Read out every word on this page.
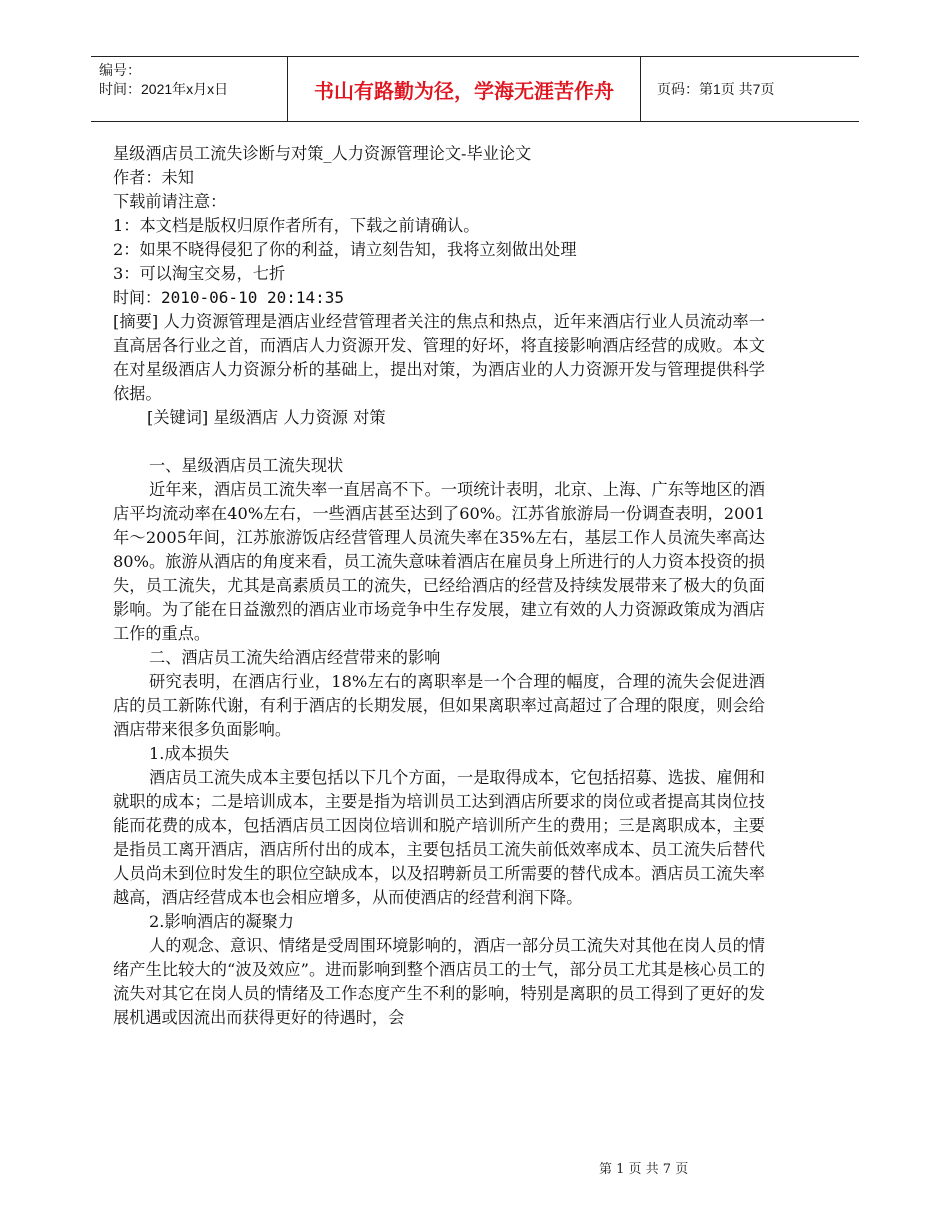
编号：
时间：2021年x月x日	书山有路勤为径，学海无涯苦作舟	页码：第1页 共7页

星级酒店员工流失诊断与对策_人力资源管理论文-毕业论文

作者：未知

下载前请注意：

1：本文档是版权归原作者所有，下载之前请确认。

2：如果不晓得侵犯了你的利益，请立刻告知，我将立刻做出处理

3：可以淘宝交易，七折

时间：2010-06-10 20:14:35

[摘要] 人力资源管理是酒店业经营管理者关注的焦点和热点，近年来酒店行业人员流动率一直高居各行业之首，而酒店人力资源开发、管理的好坏，将直接影响酒店经营的成败。本文在对星级酒店人力资源分析的基础上，提出对策，为酒店业的人力资源开发与管理提供科学依据。

[关键词] 星级酒店 人力资源 对策

一、星级酒店员工流失现状

近年来，酒店员工流失率一直居高不下。一项统计表明，北京、上海、广东等地区的酒店平均流动率在40%左右，一些酒店甚至达到了60%。江苏省旅游局一份调查表明，2001年～2005年间，江苏旅游饭店经营管理人员流失率在35%左右，基层工作人员流失率高达80%。旅游从酒店的角度来看，员工流失意味着酒店在雇员身上所进行的人力资本投资的损失，员工流失，尤其是高素质员工的流失，已经给酒店的经营及持续发展带来了极大的负面影响。为了能在日益激烈的酒店业市场竞争中生存发展，建立有效的人力资源政策成为酒店工作的重点。

二、酒店员工流失给酒店经营带来的影响

研究表明，在酒店行业，18%左右的离职率是一个合理的幅度，合理的流失会促进酒店的员工新陈代谢，有利于酒店的长期发展，但如果离职率过高超过了合理的限度，则会给酒店带来很多负面影响。

1.成本损失

酒店员工流失成本主要包括以下几个方面，一是取得成本，它包括招募、选拔、雇佣和就职的成本；二是培训成本，主要是指为培训员工达到酒店所要求的岗位或者提高其岗位技能而花费的成本，包括酒店员工因岗位培训和脱产培训所产生的费用；三是离职成本，主要是指员工离开酒店，酒店所付出的成本，主要包括员工流失前低效率成本、员工流失后替代人员尚未到位时发生的职位空缺成本，以及招聘新员工所需要的替代成本。酒店员工流失率越高，酒店经营成本也会相应增多，从而使酒店的经营利润下降。

2.影响酒店的凝聚力

人的观念、意识、情绪是受周围环境影响的，酒店一部分员工流失对其他在岗人员的情绪产生比较大的“波及效应”。进而影响到整个酒店员工的士气，部分员工尤其是核心员工的流失对其它在岗人员的情绪及工作态度产生不利的影响，特别是离职的员工得到了更好的发展机遇或因流出而获得更好的待遇时，会

第 1 页 共 7 页
